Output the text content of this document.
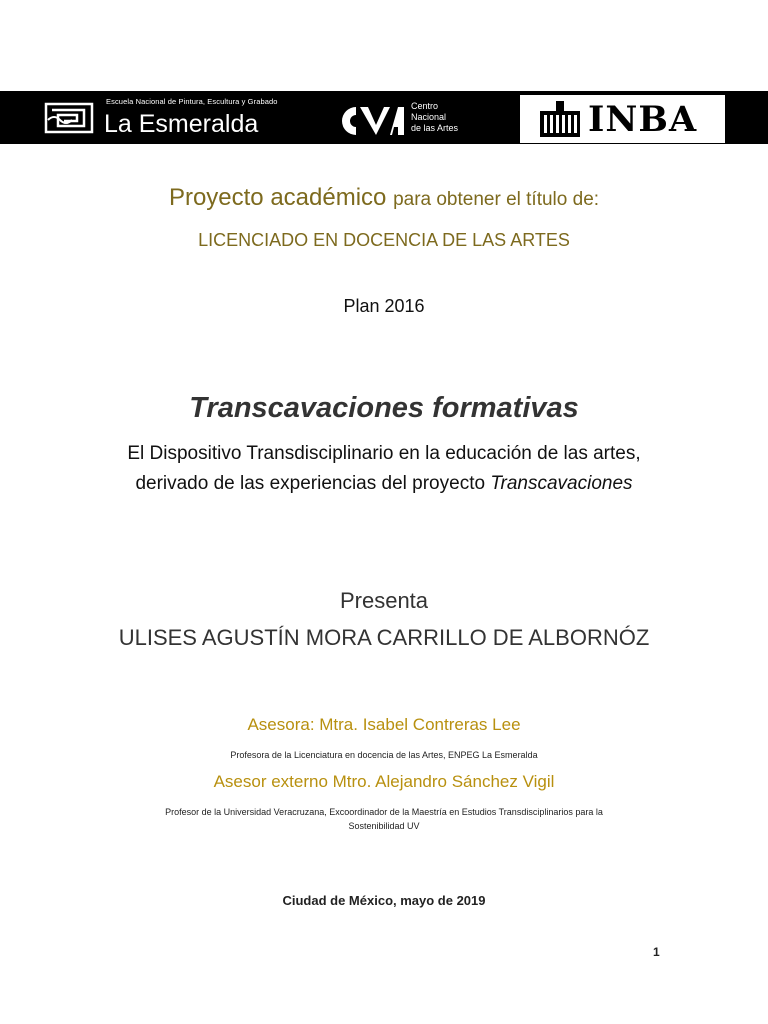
Escuela Nacional de Pintura, Escultura y Grabado
La Esmeralda
Centro
Nacional
de las Artes	INBA
Proyecto académico para obtener el título de:
LICENCIADO EN DOCENCIA DE LAS ARTES
Plan 2016
Transcavaciones formativas
El Dispositivo Transdisciplinario en la educación de las artes,
derivado de las experiencias del proyecto Transcavaciones
Presenta
ULISES AGUSTÍN MORA CARRILLO DE ALBORNÓZ
Asesora: Mtra. Isabel Contreras Lee
Profesora de la Licenciatura en docencia de las Artes, ENPEG La Esmeralda
Asesor externo Mtro. Alejandro Sánchez Vigil
Profesor de la Universidad Veracruzana, Excoordinador de la Maestría en Estudios Transdisciplinarios para la
Sostenibilidad UV
Ciudad de México, mayo de 2019
1
